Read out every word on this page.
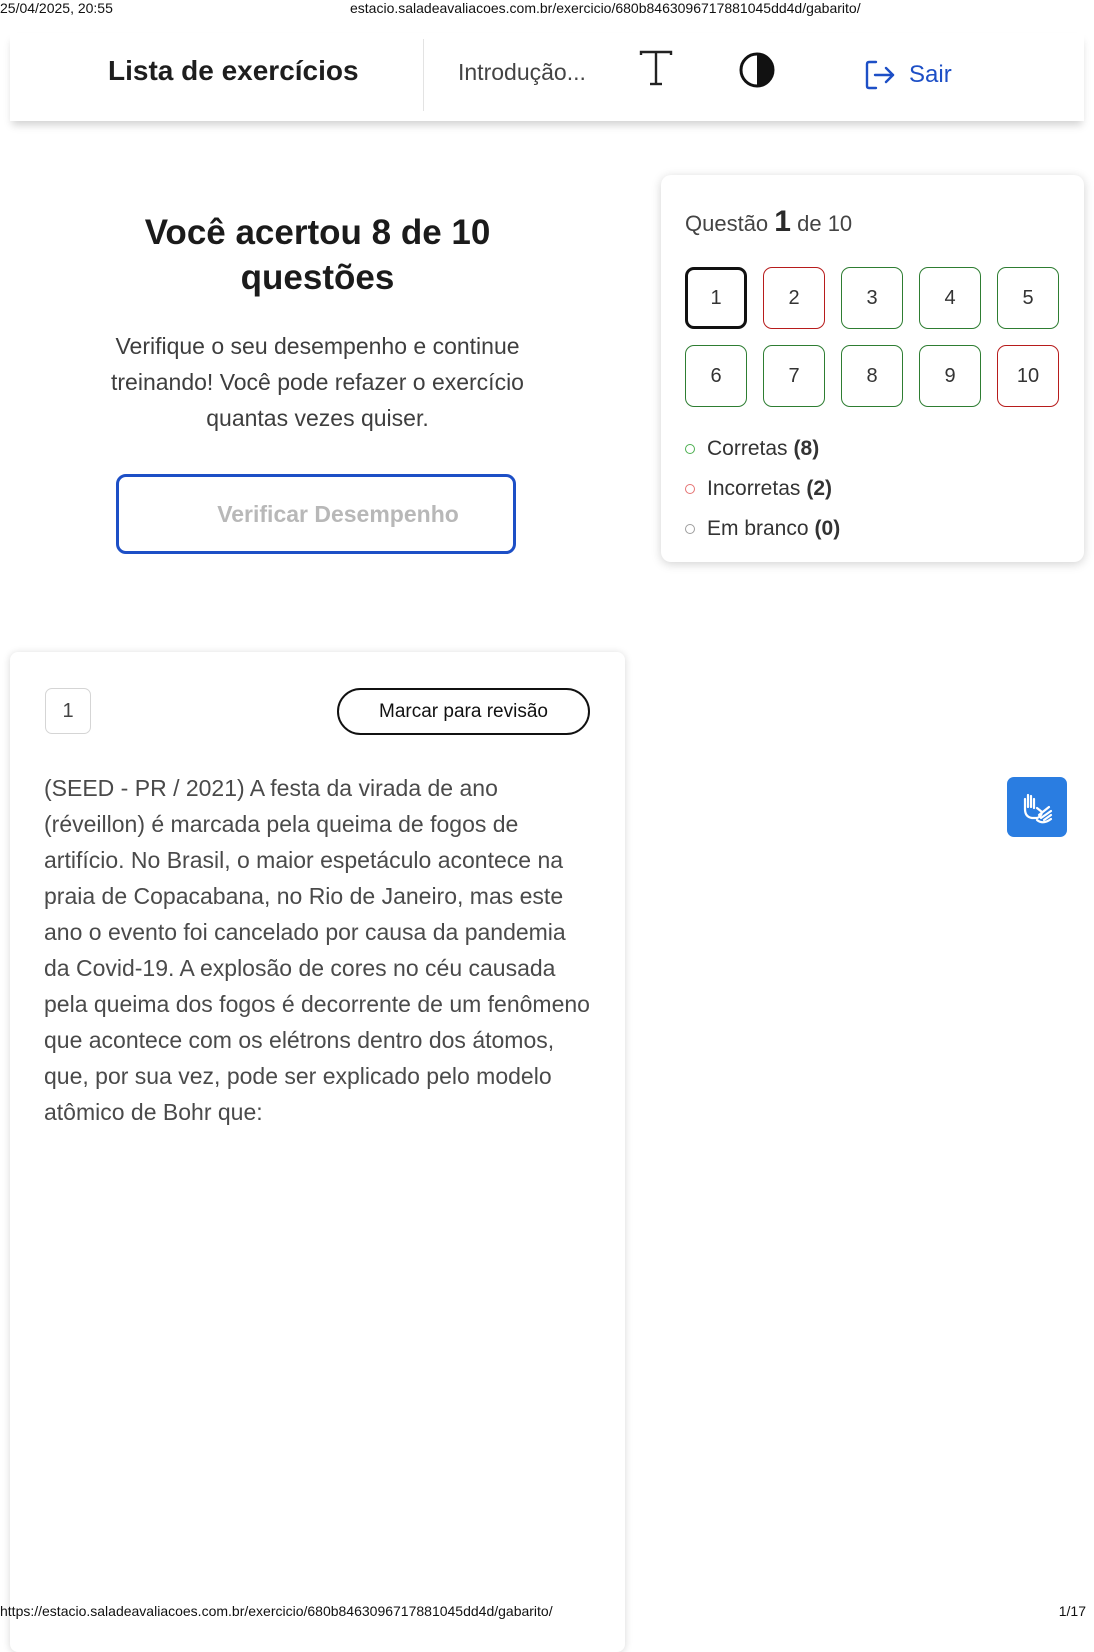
25/04/2025, 20:55	estacio.saladeavaliacoes.com.br/exercicio/680b8463096717881045dd4d/gabarito/
Lista de exercícios	Introdução...	Sair
Você acertou 8 de 10 questões
Verifique o seu desempenho e continue treinando! Você pode refazer o exercício quantas vezes quiser.
Verificar Desempenho
Questão 1 de 10
1	2	3	4	5
6	7	8	9	10
Corretas (8)
Incorretas (2)
Em branco (0)
1	Marcar para revisão
(SEED - PR / 2021) A festa da virada de ano (réveillon) é marcada pela queima de fogos de artifício. No Brasil, o maior espetáculo acontece na praia de Copacabana, no Rio de Janeiro, mas este ano o evento foi cancelado por causa da pandemia da Covid-19. A explosão de cores no céu causada pela queima dos fogos é decorrente de um fenômeno que acontece com os elétrons dentro dos átomos, que, por sua vez, pode ser explicado pelo modelo atômico de Bohr que:
https://estacio.saladeavaliacoes.com.br/exercicio/680b8463096717881045dd4d/gabarito/	1/17
